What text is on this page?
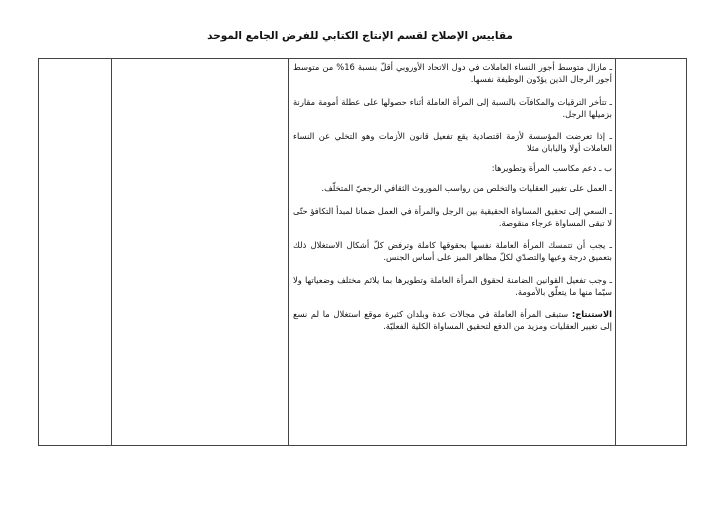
مقاييس الإصلاح لقسم الإنتاج الكتابي للفرض الجامع الموحد

ـ مازال متوسط أجور النساء العاملات في دول الاتحاد الأوروبي أقلّ بنسبة 16% من متوسط أجور الرجال الذين يؤدّون الوظيفة نفسها.

ـ تتأخر الترقيات والمكافآت بالنسبة إلى المرأة العاملة أثناء حصولها على عطلة أمومة مقارنة بزميلها الرجل.

ـ إذا تعرضت المؤسسة لأزمة اقتصادية يقع تفعيل قانون الأزمات وهو التخلي عن النساء العاملات أولا واليابان مثلا

ب ـ دعم مكاسب المرأة وتطويرها:

ـ العمل على تغيير العقليات والتخلص من رواسب الموروث الثقافي الرجعيّ المتخلّف.

ـ السعي إلى تحقيق المساواة الحقيقية بين الرجل والمرأة في العمل ضمانا لمبدأ التكافؤ حتّى لا تبقى المساواة عرجاء منقوصة.

ـ يجب أن تتمسك المرأة العاملة نفسها بحقوقها كاملة وترفض كلّ أشكال الاستغلال ذلك بتعميق درجة وعيها والتصدّي لكلّ مظاهر الميز على أساس الجنس.

ـ وجب تفعيل القوانين الضامنة لحقوق المرأة العاملة وتطويرها بما يلائم مختلف وضعياتها ولا سيّما منها ما يتعلّق بالأمومة.

الاستنتاج: ستبقى المرأة العاملة في مجالات عدة وبلدان كثيرة موقع استغلال ما لم نسع إلى تغيير العقليات ومزيد من الدفع لتحقيق المساواة الكلية الفعليّة.
